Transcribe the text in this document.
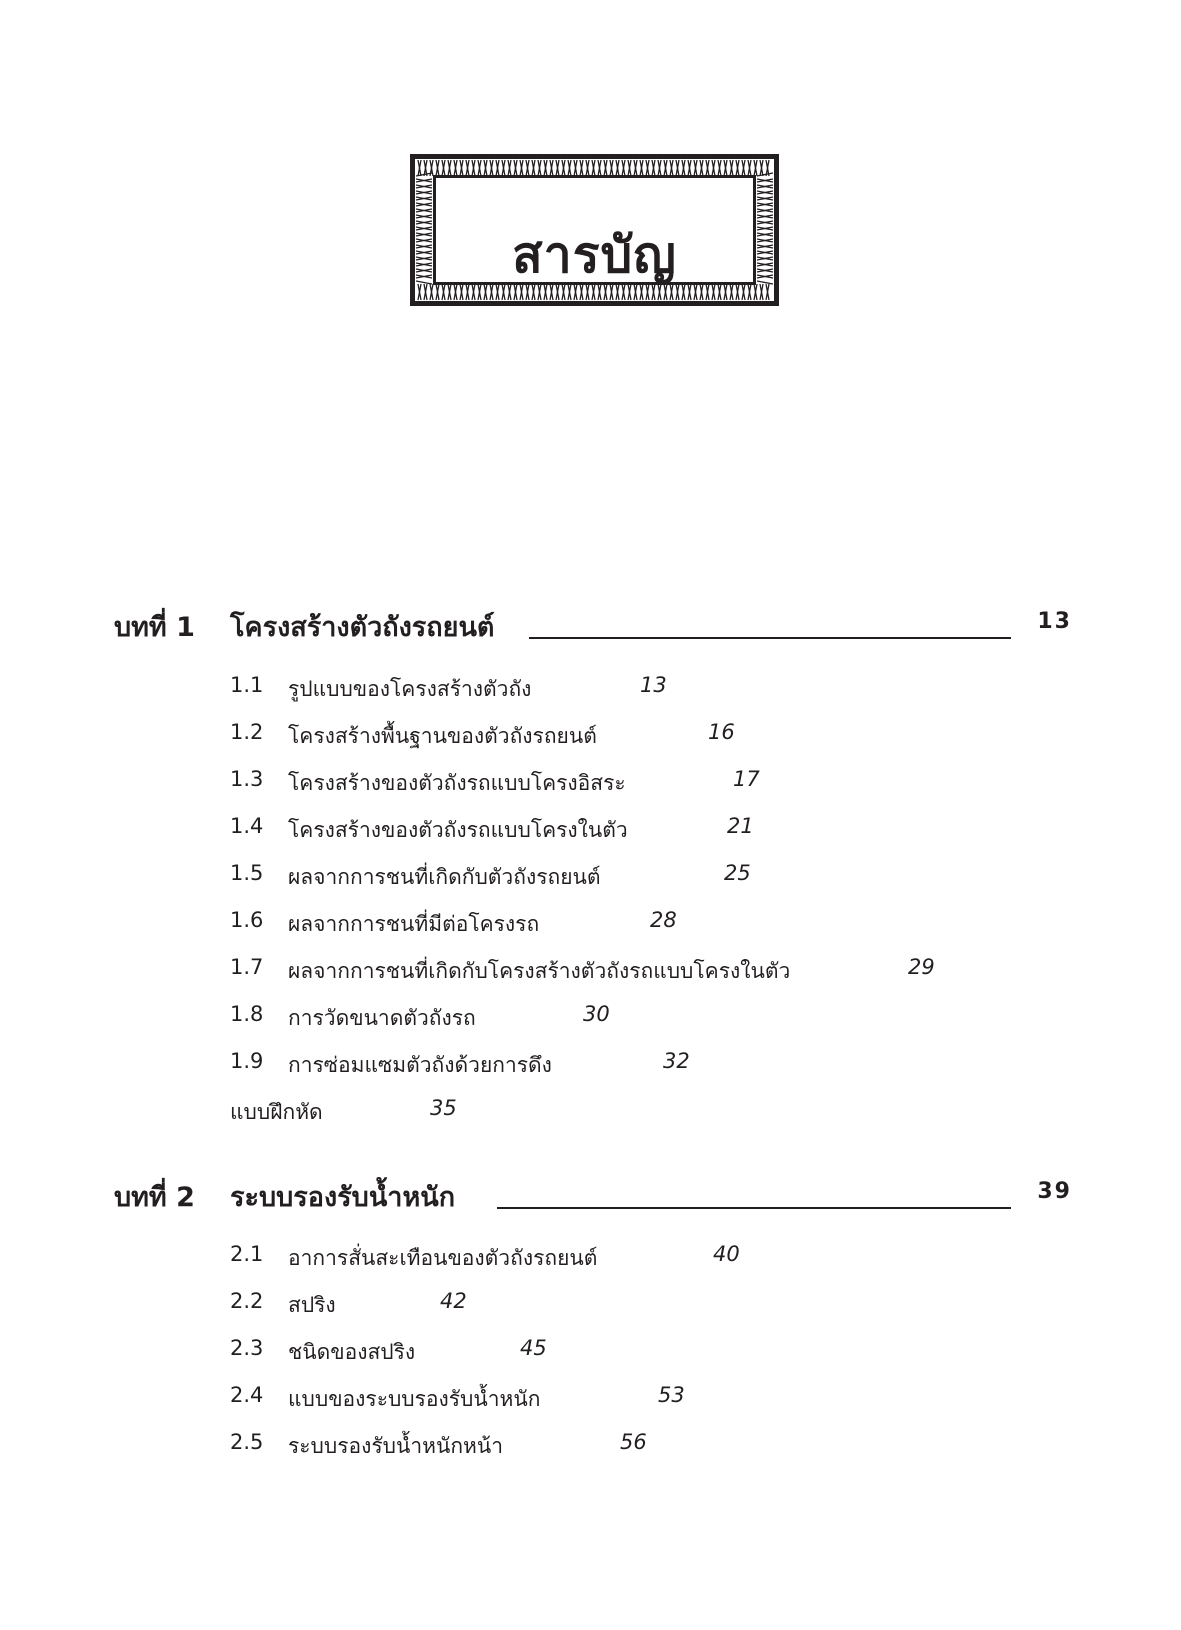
สารบัญ
บทที่ 1 โครงสร้างตัวถังรถยนต์	13
1.1 รูปแบบของโครงสร้างตัวถัง	13
1.2 โครงสร้างพื้นฐานของตัวถังรถยนต์	16
1.3 โครงสร้างของตัวถังรถแบบโครงอิสระ	17
1.4 โครงสร้างของตัวถังรถแบบโครงในตัว	21
1.5 ผลจากการชนที่เกิดกับตัวถังรถยนต์	25
1.6 ผลจากการชนที่มีต่อโครงรถ	28
1.7 ผลจากการชนที่เกิดกับโครงสร้างตัวถังรถแบบโครงในตัว	29
1.8 การวัดขนาดตัวถังรถ	30
1.9 การซ่อมแซมตัวถังด้วยการดึง	32
แบบฝึกหัด	35
บทที่ 2 ระบบรองรับน้ำหนัก	39
2.1 อาการสั่นสะเทือนของตัวถังรถยนต์	40
2.2 สปริง	42
2.3 ชนิดของสปริง	45
2.4 แบบของระบบรองรับน้ำหนัก	53
2.5 ระบบรองรับน้ำหนักหน้า	56
